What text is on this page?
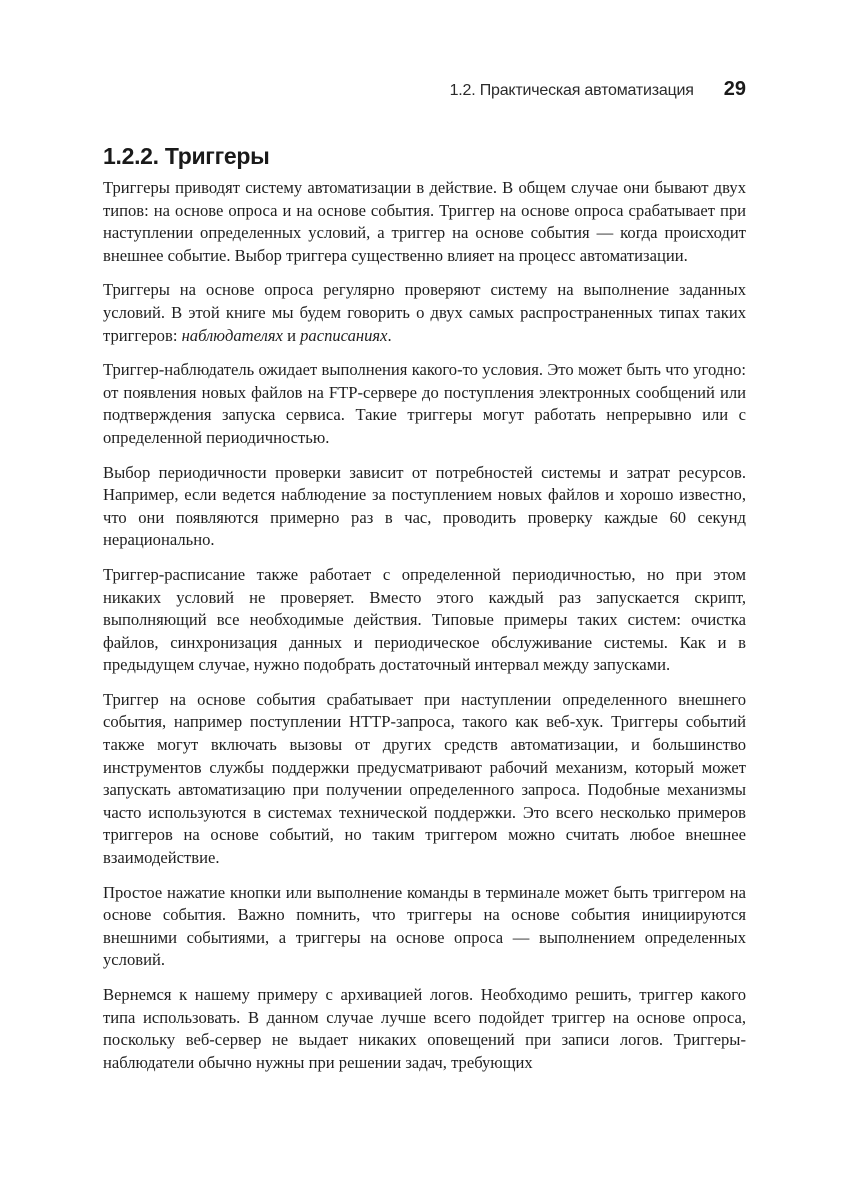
1.2. Практическая автоматизация 29
1.2.2. Триггеры

Триггеры приводят систему автоматизации в действие. В общем случае они бывают двух типов: на основе опроса и на основе события. Триггер на основе опроса срабатывает при наступлении определенных условий, а триггер на основе события — когда происходит внешнее событие. Выбор триггера существенно влияет на процесс автоматизации.

Триггеры на основе опроса регулярно проверяют систему на выполнение заданных условий. В этой книге мы будем говорить о двух самых распространенных типах таких триггеров: наблюдателях и расписаниях.

Триггер-наблюдатель ожидает выполнения какого-то условия. Это может быть что угодно: от появления новых файлов на FTP-сервере до поступления электронных сообщений или подтверждения запуска сервиса. Такие триггеры могут работать непрерывно или с определенной периодичностью.

Выбор периодичности проверки зависит от потребностей системы и затрат ресурсов. Например, если ведется наблюдение за поступлением новых файлов и хорошо известно, что они появляются примерно раз в час, проводить проверку каждые 60 секунд нерационально.

Триггер-расписание также работает с определенной периодичностью, но при этом никаких условий не проверяет. Вместо этого каждый раз запускается скрипт, выполняющий все необходимые действия. Типовые примеры таких систем: очистка файлов, синхронизация данных и периодическое обслуживание системы. Как и в предыдущем случае, нужно подобрать достаточный интервал между запусками.

Триггер на основе события срабатывает при наступлении определенного внешнего события, например поступлении HTTP-запроса, такого как веб-хук. Триггеры событий также могут включать вызовы от других средств автоматизации, и большинство инструментов службы поддержки предусматривают рабочий механизм, который может запускать автоматизацию при получении определенного запроса. Подобные механизмы часто используются в системах технической поддержки. Это всего несколько примеров триггеров на основе событий, но таким триггером можно считать любое внешнее взаимодействие.

Простое нажатие кнопки или выполнение команды в терминале может быть триггером на основе события. Важно помнить, что триггеры на основе события инициируются внешними событиями, а триггеры на основе опроса — выполнением определенных условий.

Вернемся к нашему примеру с архивацией логов. Необходимо решить, триггер какого типа использовать. В данном случае лучше всего подойдет триггер на основе опроса, поскольку веб-сервер не выдает никаких оповещений при записи логов. Триггеры-наблюдатели обычно нужны при решении задач, требующих
